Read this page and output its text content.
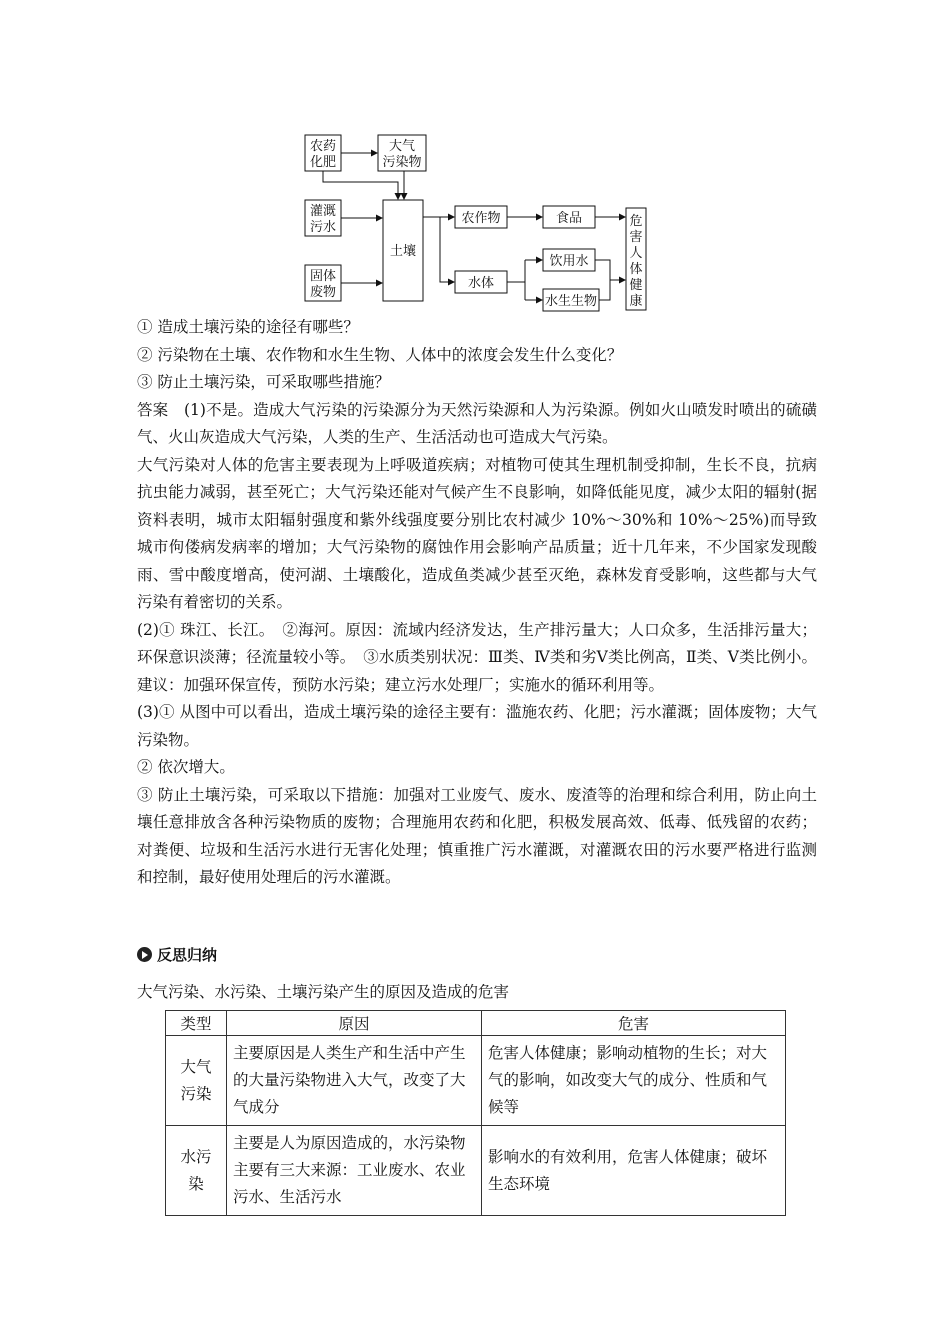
农药
化肥
大气
污染物
灌溉
污水
固体
废物
土壤
农作物
水体
食品
饮用水
水生生物
危
害
人
体
健
康

① 造成土壤污染的途径有哪些？

② 污染物在土壤、农作物和水生生物、人体中的浓度会发生什么变化？

③ 防止土壤污染，可采取哪些措施？

答案　(1)不是。造成大气污染的污染源分为天然污染源和人为污染源。例如火山喷发时喷出的硫磺气、火山灰造成大气污染，人类的生产、生活活动也可造成大气污染。

大气污染对人体的危害主要表现为上呼吸道疾病；对植物可使其生理机制受抑制，生长不良，抗病抗虫能力减弱，甚至死亡；大气污染还能对气候产生不良影响，如降低能见度，减少太阳的辐射(据资料表明，城市太阳辐射强度和紫外线强度要分别比农村减少 10%～30%和 10%～25%)而导致城市佝偻病发病率的增加；大气污染物的腐蚀作用会影响产品质量；近十几年来，不少国家发现酸雨、雪中酸度增高，使河湖、土壤酸化，造成鱼类减少甚至灭绝，森林发育受影响，这些都与大气污染有着密切的关系。

(2)① 珠江、长江。　②海河。原因：流域内经济发达，生产排污量大；人口众多，生活排污量大；环保意识淡薄；径流量较小等。　③水质类别状况：Ⅲ类、Ⅳ类和劣Ⅴ类比例高，Ⅱ类、Ⅴ类比例小。建议：加强环保宣传，预防水污染；建立污水处理厂；实施水的循环利用等。

(3)① 从图中可以看出，造成土壤污染的途径主要有：滥施农药、化肥；污水灌溉；固体废物；大气污染物。

② 依次增大。

③ 防止土壤污染，可采取以下措施：加强对工业废气、废水、废渣等的治理和综合利用，防止向土壤任意排放含各种污染物质的废物；合理施用农药和化肥，积极发展高效、低毒、低残留的农药；对粪便、垃圾和生活污水进行无害化处理；慎重推广污水灌溉，对灌溉农田的污水要严格进行监测和控制，最好使用处理后的污水灌溉。

反思归纳
大气污染、水污染、土壤污染产生的原因及造成的危害
类型	原因	危害
大气
污染	主要原因是人类生产和生活中产生的大量污染物进入大气，改变了大气成分	危害人体健康；影响动植物的生长；对大气的影响，如改变大气的成分、性质和气候等
水污
染	主要是人为原因造成的，水污染物主要有三大来源：工业废水、农业污水、生活污水	影响水的有效利用，危害人体健康；破坏生态环境
